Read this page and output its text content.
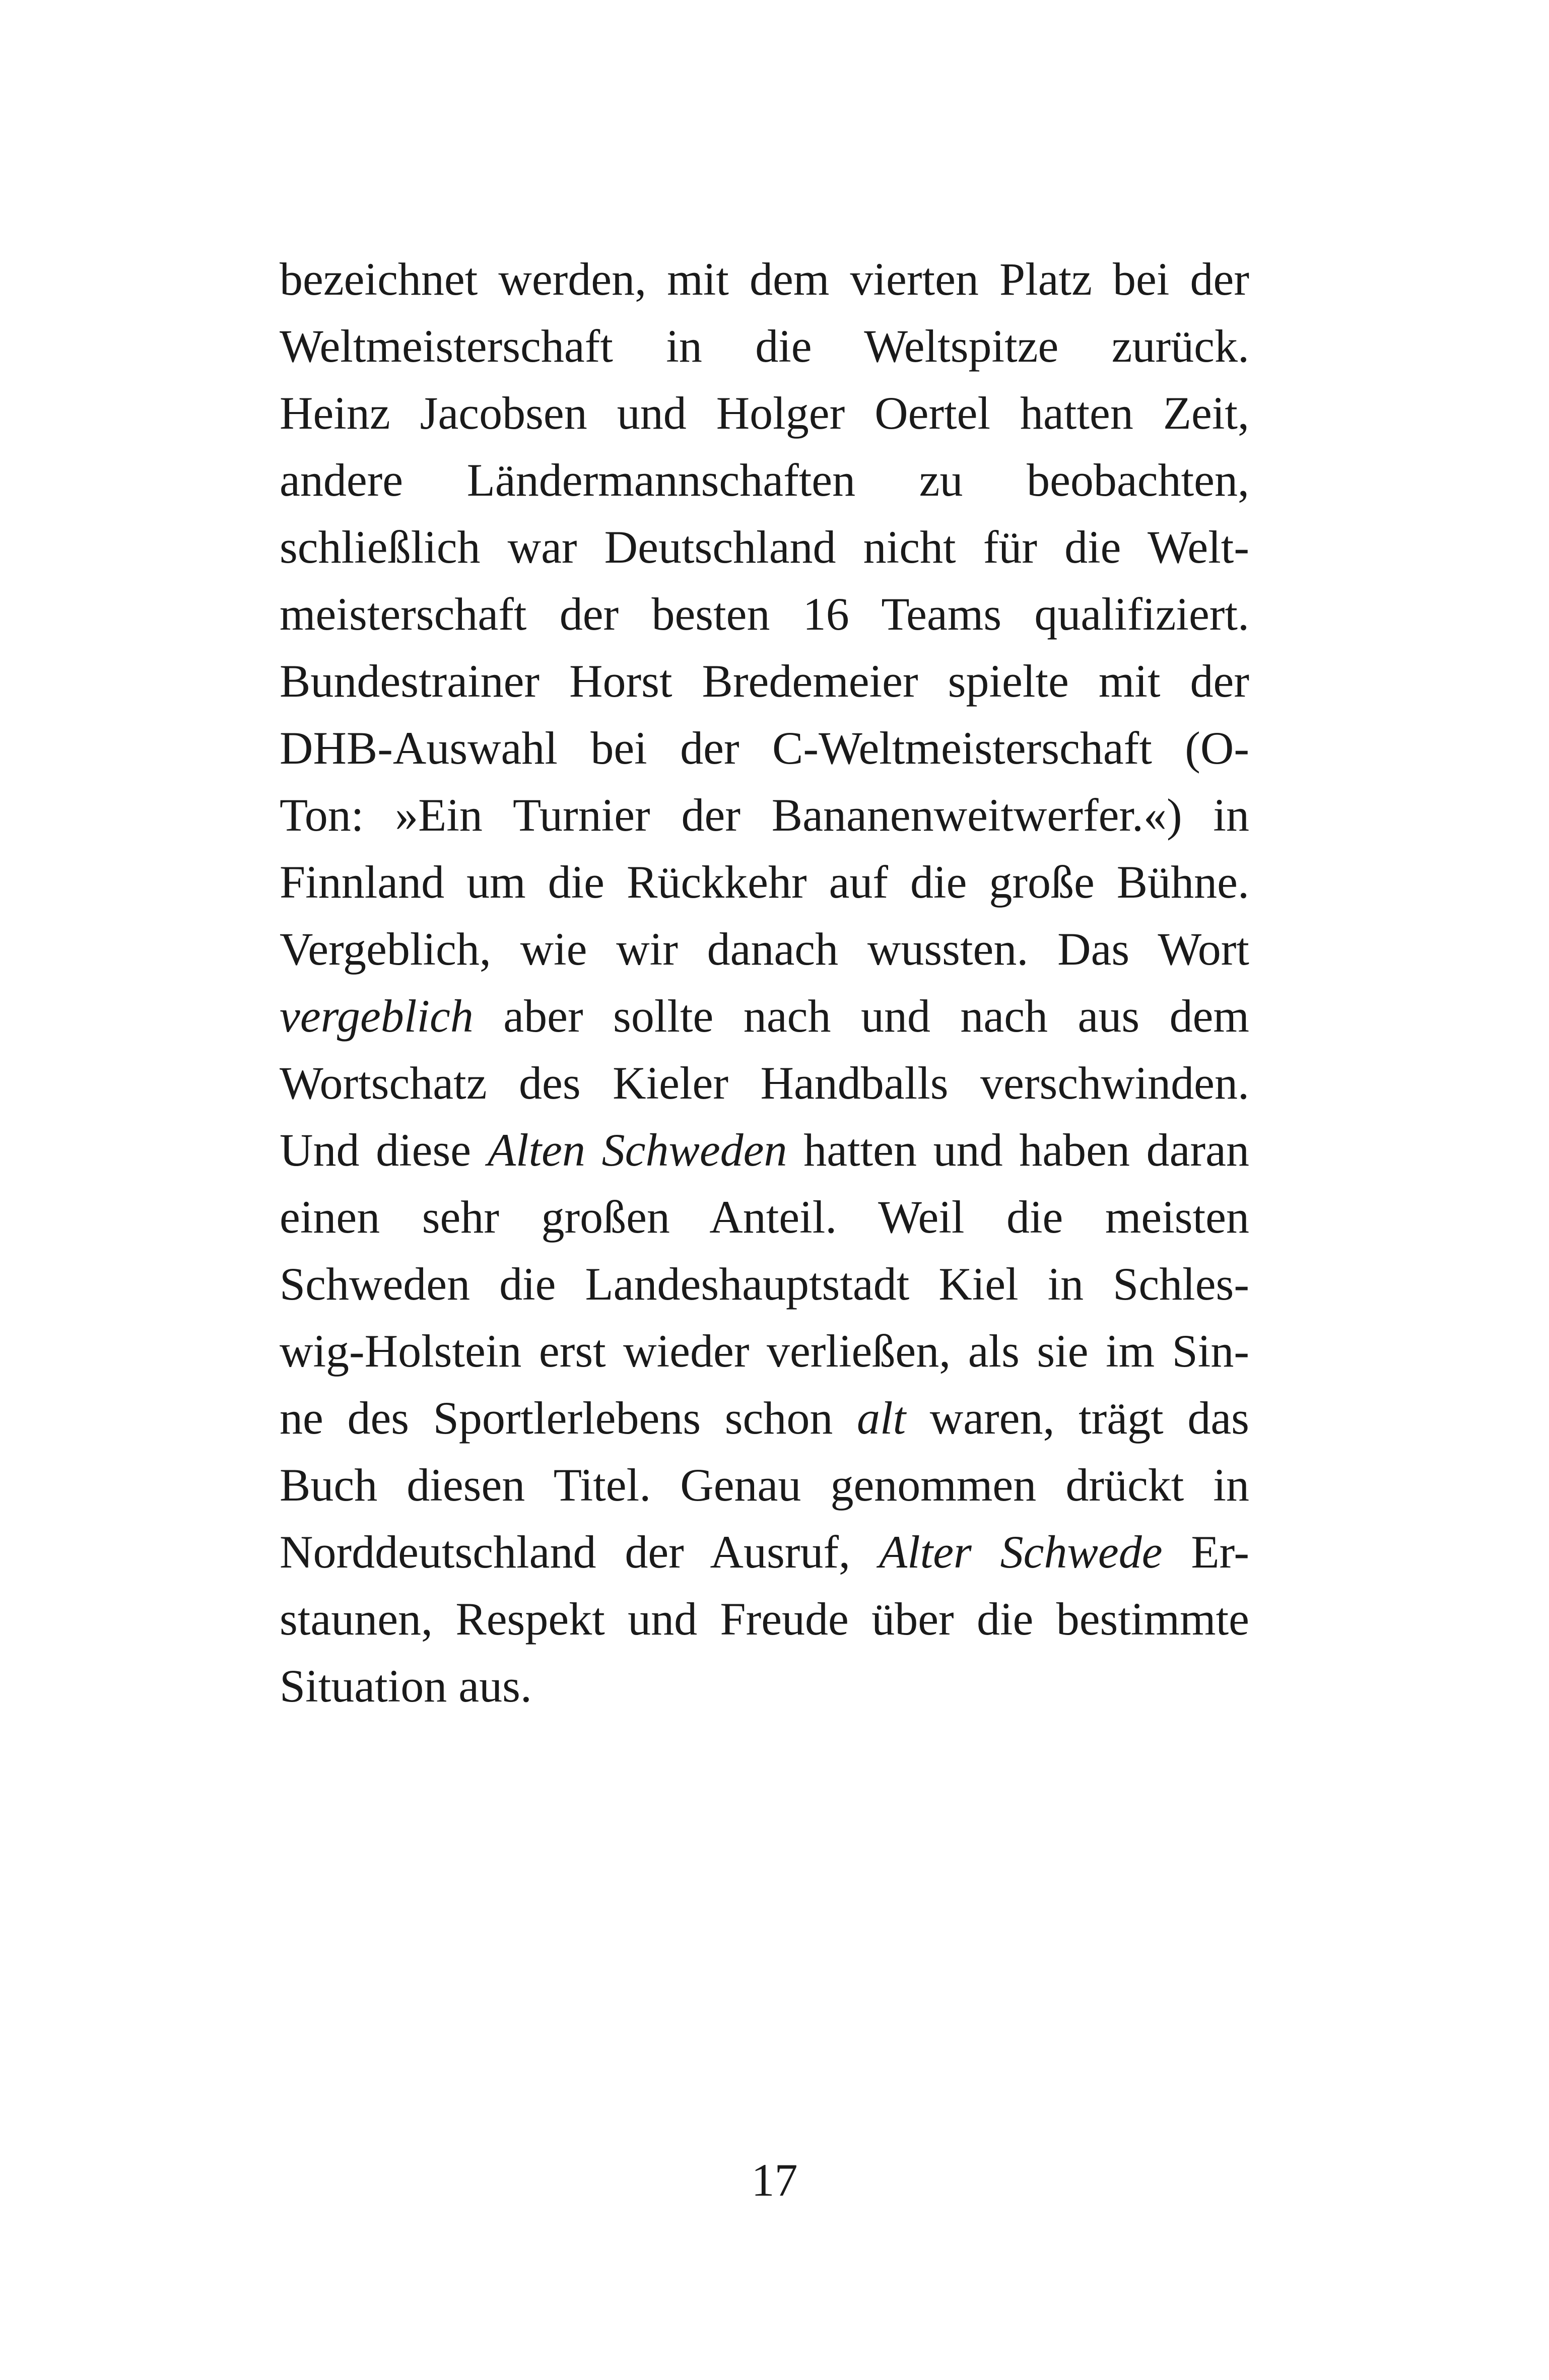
bezeichnet werden, mit dem vierten Platz bei der
Weltmeisterschaft in die Weltspitze zurück.
Heinz Jacobsen und Holger Oertel hatten Zeit,
andere Ländermannschaften zu beobachten,
schließlich war Deutschland nicht für die Welt-
meisterschaft der besten 16 Teams qualifiziert.
Bundestrainer Horst Bredemeier spielte mit der
DHB-Auswahl bei der C-Weltmeisterschaft (O-
Ton: »Ein Turnier der Bananenweitwerfer.«) in
Finnland um die Rückkehr auf die große Bühne.
Vergeblich, wie wir danach wussten. Das Wort
vergeblich aber sollte nach und nach aus dem
Wortschatz des Kieler Handballs verschwinden.
Und diese Alten Schweden hatten und haben daran
einen sehr großen Anteil. Weil die meisten
Schweden die Landeshauptstadt Kiel in Schles-
wig-Holstein erst wieder verließen, als sie im Sin-
ne des Sportlerlebens schon alt waren, trägt das
Buch diesen Titel. Genau genommen drückt in
Norddeutschland der Ausruf, Alter Schwede Er-
staunen, Respekt und Freude über die bestimmte
Situation aus.
17
